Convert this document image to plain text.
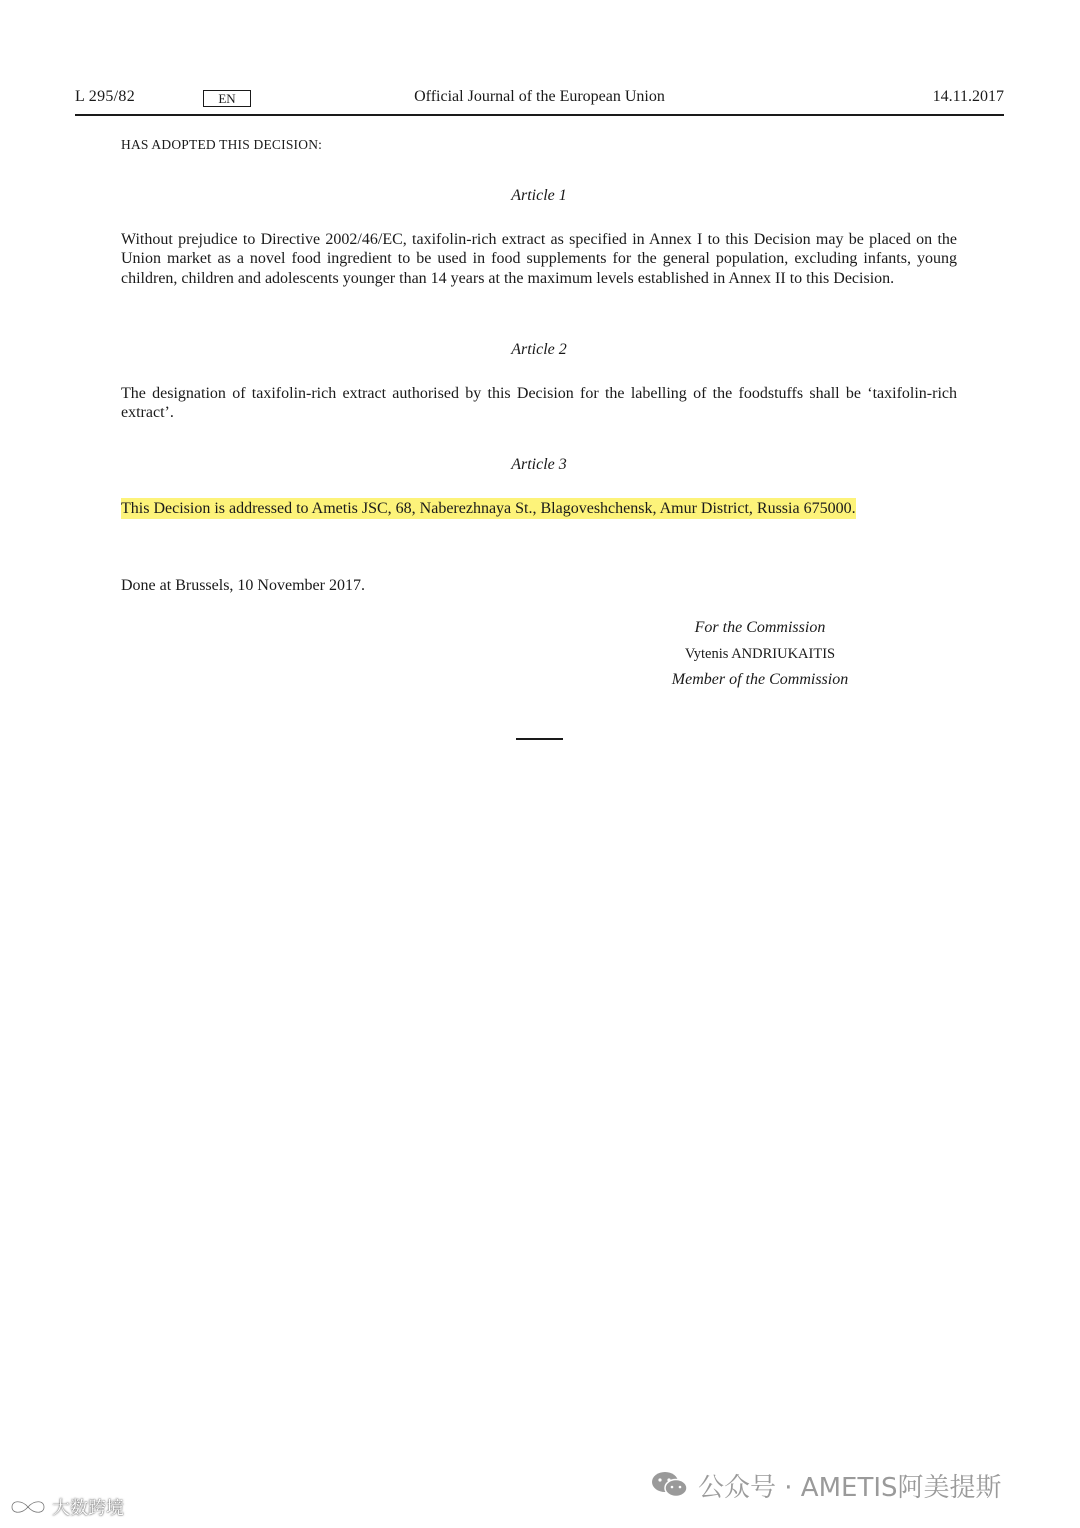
L 295/82	EN	Official Journal of the European Union	14.11.2017
HAS ADOPTED THIS DECISION:
Article 1

Without prejudice to Directive 2002/46/EC, taxifolin-rich extract as specified in Annex I to this Decision may be placed on the Union market as a novel food ingredient to be used in food supplements for the general population, excluding infants, young children, children and adolescents younger than 14 years at the maximum levels established in Annex II to this Decision.

Article 2

The designation of taxifolin-rich extract authorised by this Decision for the labelling of the foodstuffs shall be ‘taxifolin-rich extract’.

Article 3

This Decision is addressed to Ametis JSC, 68, Naberezhnaya St., Blagoveshchensk, Amur District, Russia 675000.

Done at Brussels, 10 November 2017.
For the Commission
Vytenis ANDRIUKAITIS
Member of the Commission
公众号 · AMETIS阿美提斯
大数跨境
